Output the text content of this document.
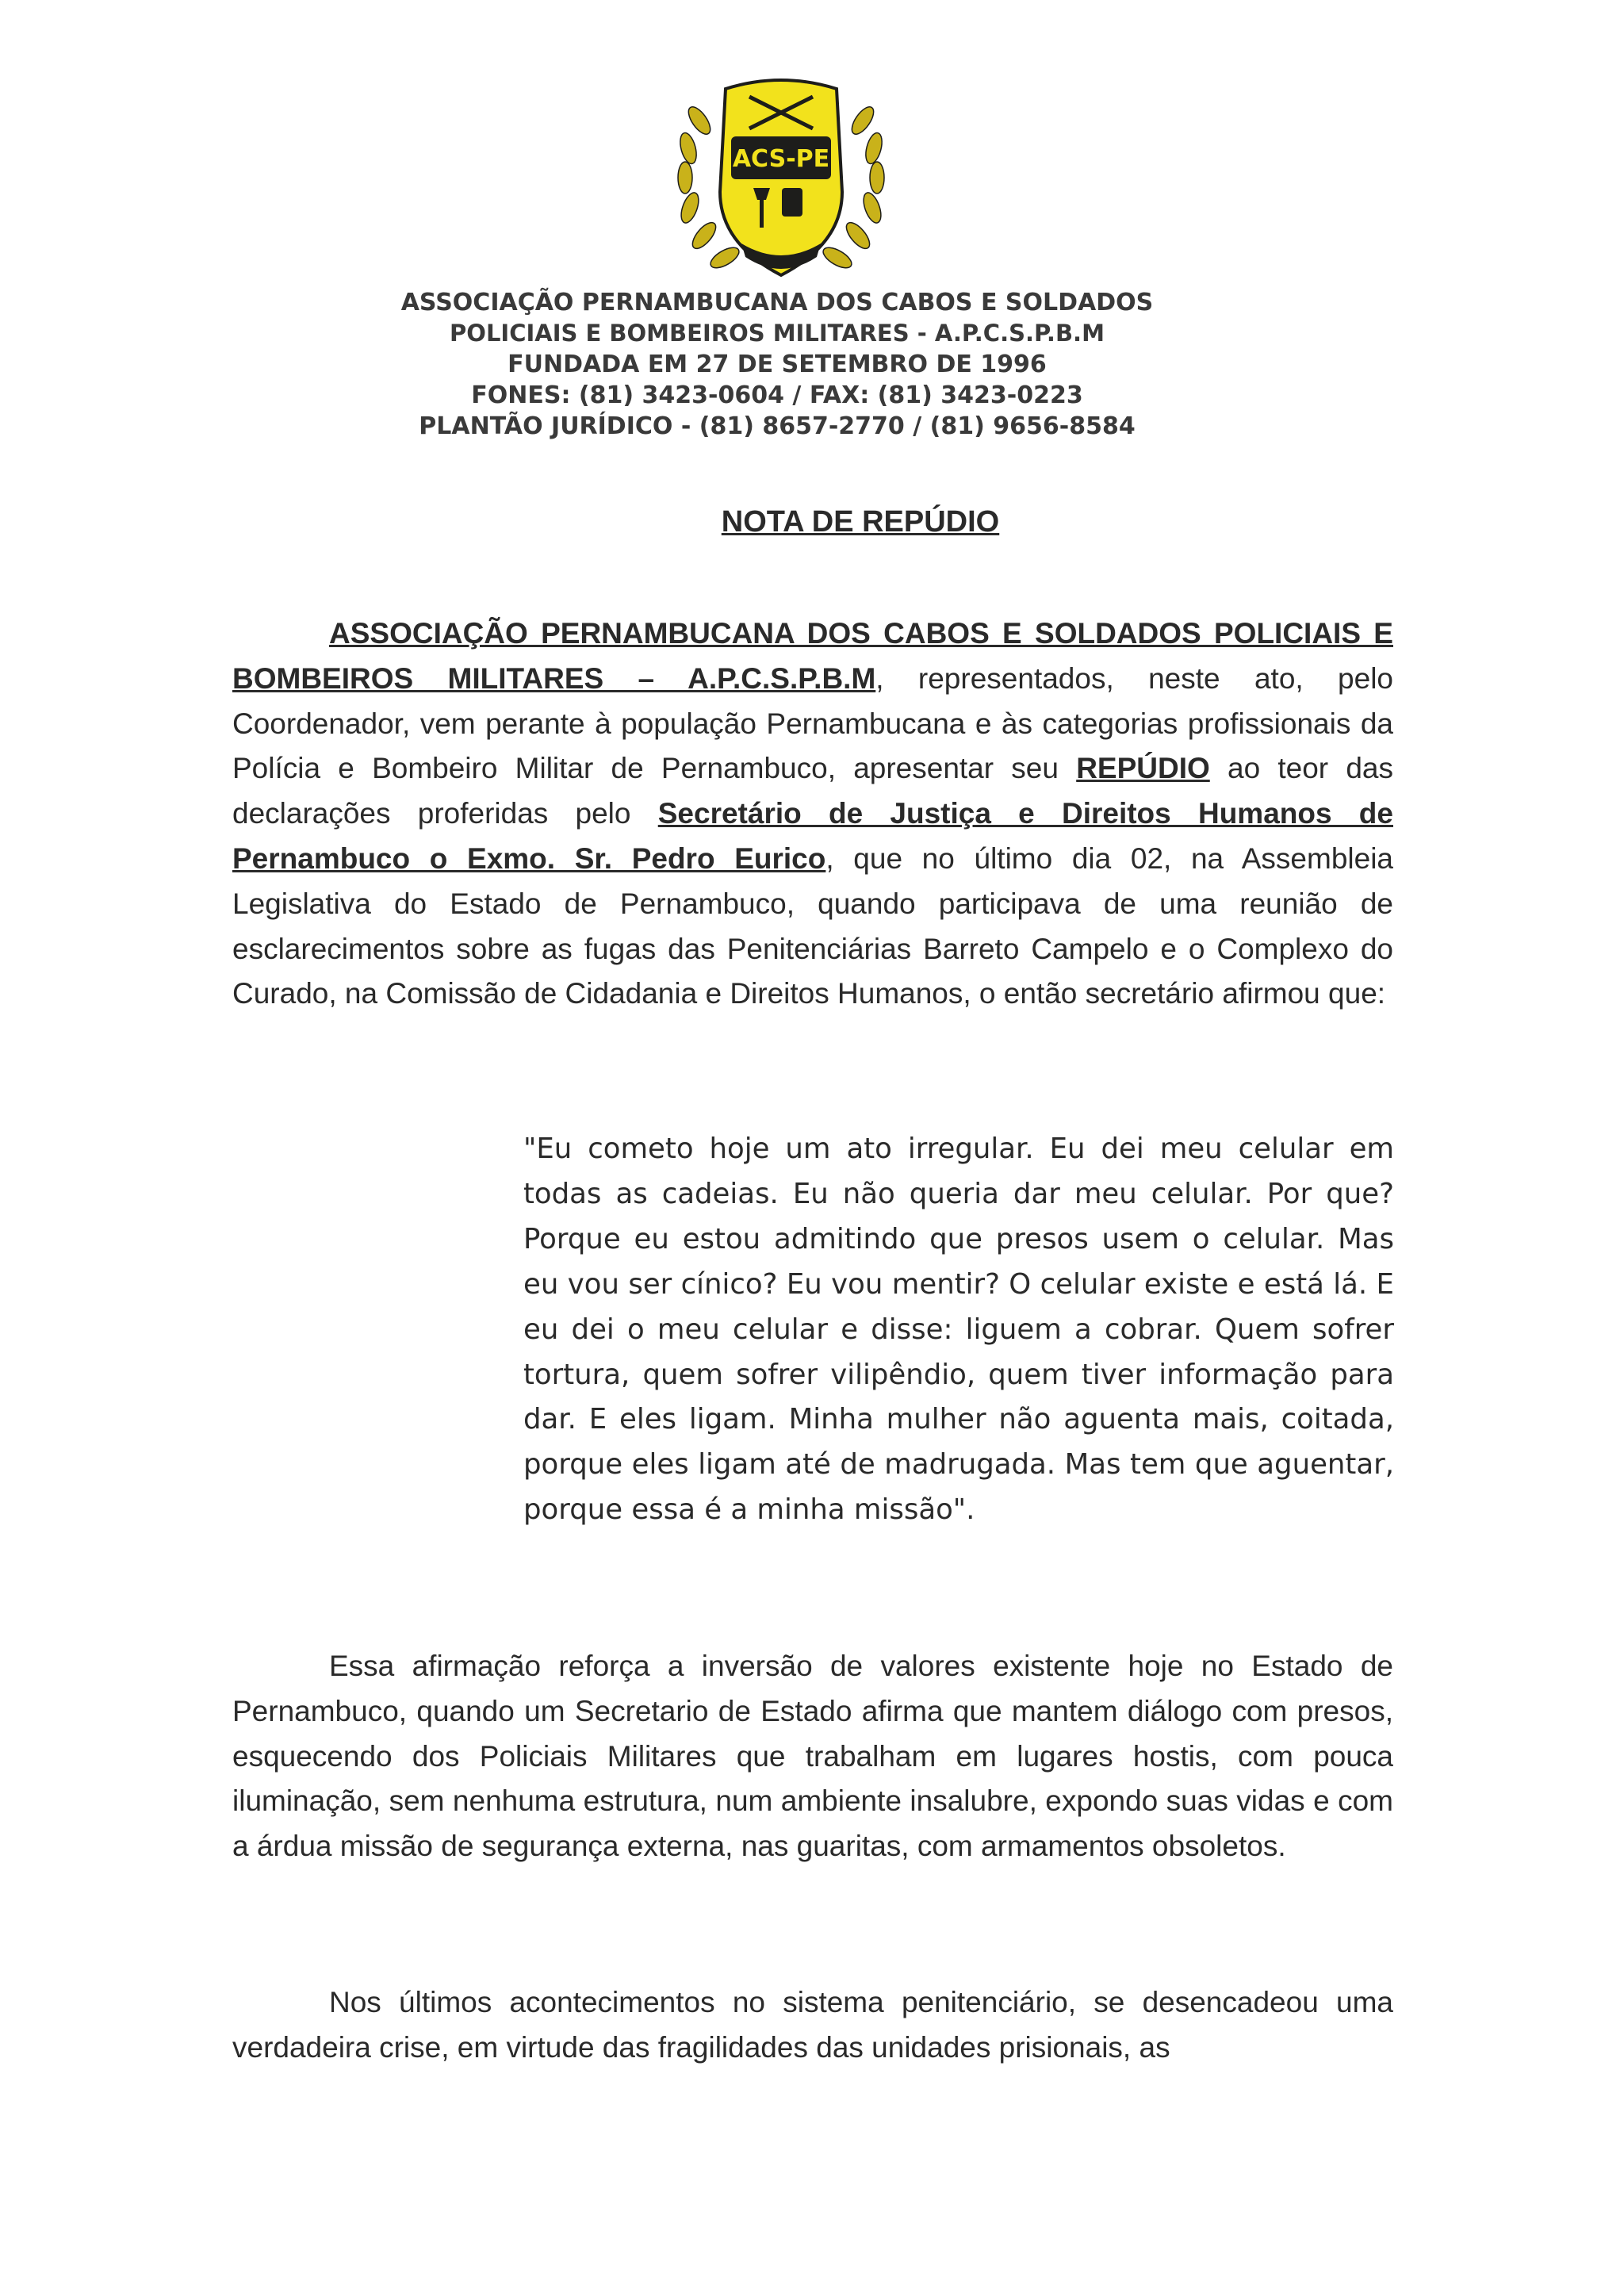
ACS-PE
ASSOCIAÇÃO PERNAMBUCANA DOS CABOS E SOLDADOS
POLICIAIS E BOMBEIROS MILITARES - A.P.C.S.P.B.M
FUNDADA EM 27 DE SETEMBRO DE 1996
FONES: (81) 3423-0604 / FAX: (81) 3423-0223
PLANTÃO JURÍDICO - (81) 8657-2770 / (81) 9656-8584
NOTA DE REPÚDIO
ASSOCIAÇÃO PERNAMBUCANA DOS CABOS E SOLDADOS POLICIAIS E BOMBEIROS MILITARES – A.P.C.S.P.B.M, representados, neste ato, pelo Coordenador, vem perante à população Pernambucana e às categorias profissionais da Polícia e Bombeiro Militar de Pernambuco, apresentar seu REPÚDIO ao teor das declarações proferidas pelo Secretário de Justiça e Direitos Humanos de Pernambuco o Exmo. Sr. Pedro Eurico, que no último dia 02, na Assembleia Legislativa do Estado de Pernambuco, quando participava de uma reunião de esclarecimentos sobre as fugas das Penitenciárias Barreto Campelo e o Complexo do Curado, na Comissão de Cidadania e Direitos Humanos, o então secretário afirmou que:
"Eu cometo hoje um ato irregular. Eu dei meu celular em todas as cadeias. Eu não queria dar meu celular. Por que? Porque eu estou admitindo que presos usem o celular. Mas eu vou ser cínico? Eu vou mentir? O celular existe e está lá. E eu dei o meu celular e disse: liguem a cobrar. Quem sofrer tortura, quem sofrer vilipêndio, quem tiver informação para dar. E eles ligam. Minha mulher não aguenta mais, coitada, porque eles ligam até de madrugada. Mas tem que aguentar, porque essa é a minha missão".
Essa afirmação reforça a inversão de valores existente hoje no Estado de Pernambuco, quando um Secretario de Estado afirma que mantem diálogo com presos, esquecendo dos Policiais Militares que trabalham em lugares hostis, com pouca iluminação, sem nenhuma estrutura, num ambiente insalubre, expondo suas vidas e com a árdua missão de segurança externa, nas guaritas, com armamentos obsoletos.
Nos últimos acontecimentos no sistema penitenciário, se desencadeou uma verdadeira crise, em virtude das fragilidades das unidades prisionais, as
